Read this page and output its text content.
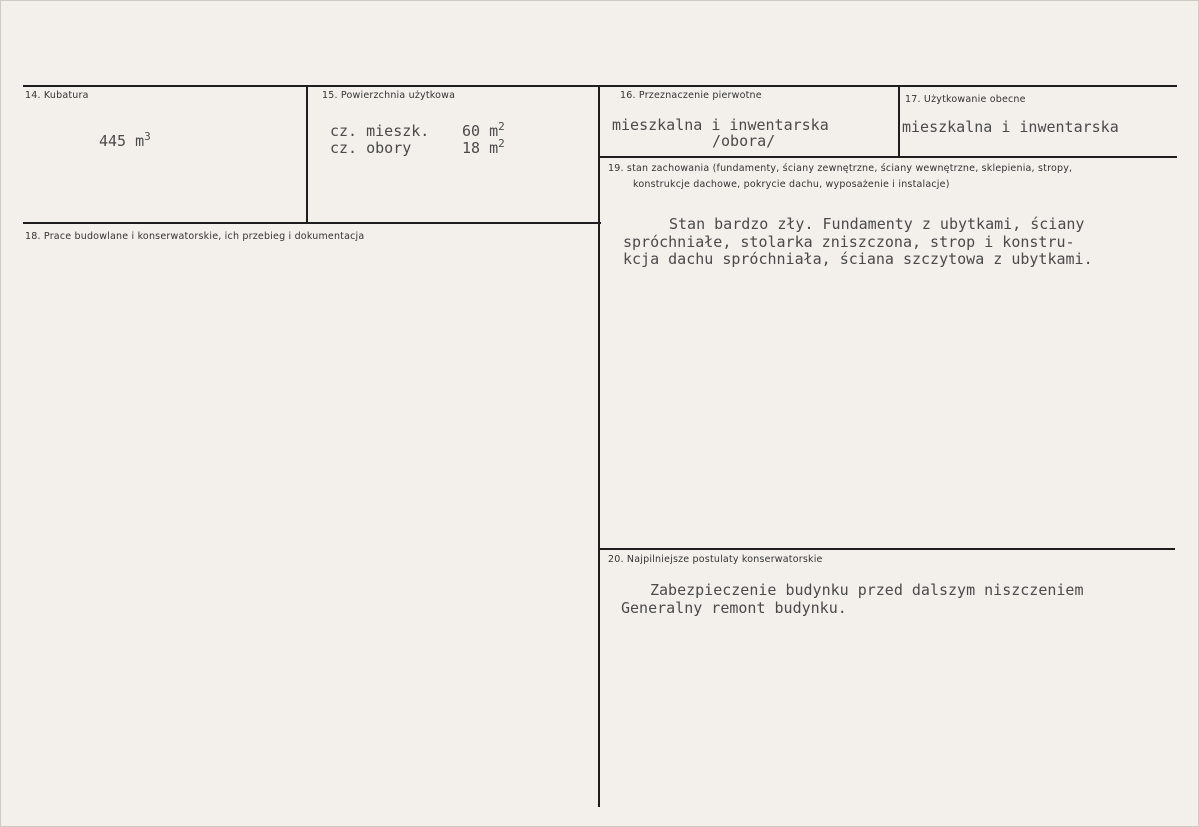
14. Kubatura
445 $m^3$
15. Powierzchnia użytkowa
cz. mieszk. 60 $m^2$
cz. obory	18 $m^2$
16. Przeznaczenie pierwotne
mieszkalna i inwentarska
/obora/
17. Użytkowanie obecne
mieszkalna i inwentarska
18. Prace budowlane i konserwatorskie, ich przebieg i dokumentacja
19. stan zachowania (fundamenty, ściany zewnętrzne, ściany wewnętrzne, sklepienia, stropy,
konstrukcje dachowe, pokrycie dachu, wyposażenie i instalacje)
Stan bardzo zły. Fundamenty z ubytkami, ściany
spróchniałe, stolarka zniszczona, strop i konstru-
kcja dachu spróchniała, ściana szczytowa z ubytkami.
20. Najpilniejsze postulaty konserwatorskie
Zabezpieczenie budynku przed dalszym niszczeniem
Generalny remont budynku.
